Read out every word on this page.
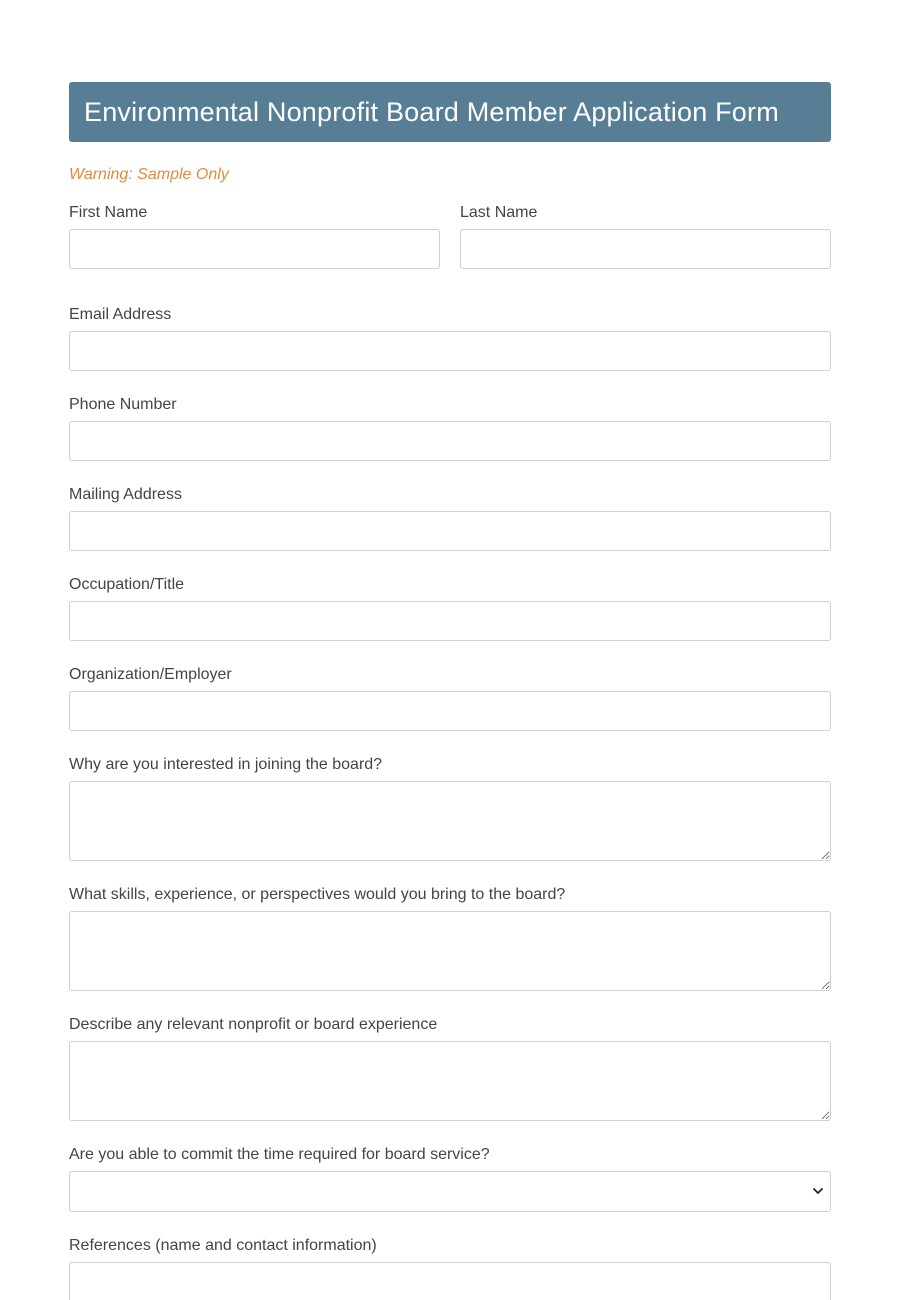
Environmental Nonprofit Board Member Application Form
Warning: Sample Only
First Name	Last Name
Email Address
Phone Number
Mailing Address
Occupation/Title
Organization/Employer
Why are you interested in joining the board?
What skills, experience, or perspectives would you bring to the board?
Describe any relevant nonprofit or board experience
Are you able to commit the time required for board service?
References (name and contact information)
